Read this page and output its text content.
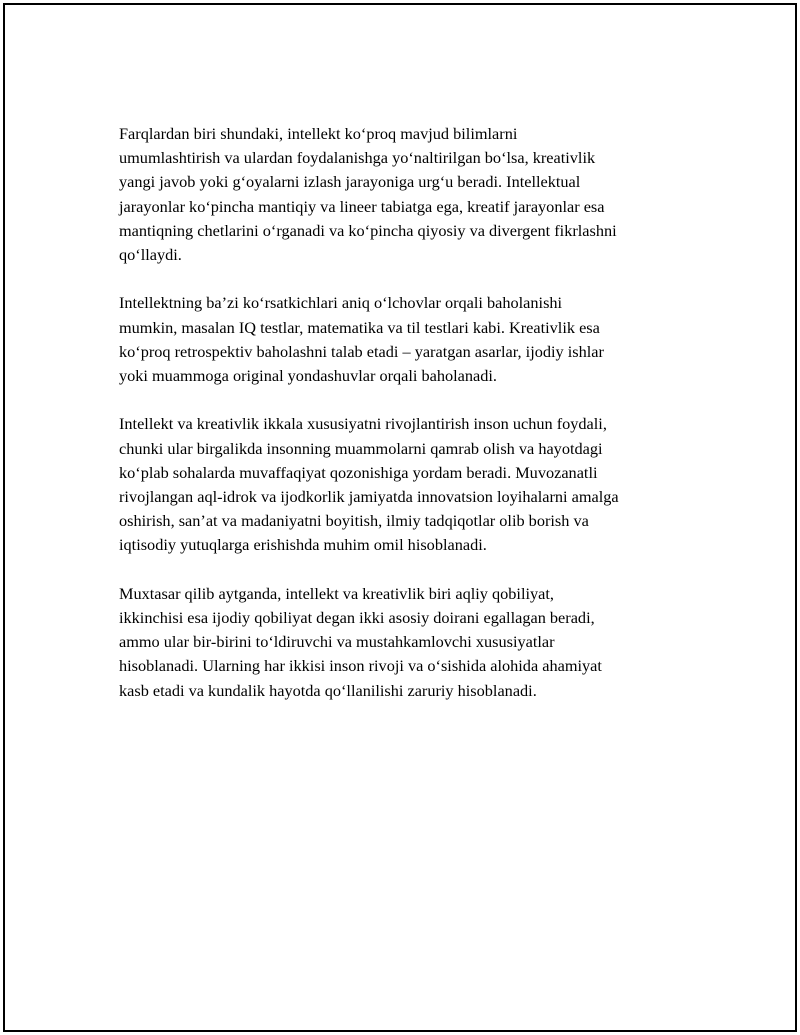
Farqlardan biri shundaki, intellekt ko‘proq mavjud bilimlarni
umumlashtirish va ulardan foydalanishga yo‘naltirilgan bo‘lsa, kreativlik
yangi javob yoki g‘oyalarni izlash jarayoniga urg‘u beradi. Intellektual
jarayonlar ko‘pincha mantiqiy va lineer tabiatga ega, kreatif jarayonlar esa
mantiqning chetlarini o‘rganadi va ko‘pincha qiyosiy va divergent fikrlashni
qo‘llaydi.

Intellektning ba’zi ko‘rsatkichlari aniq o‘lchovlar orqali baholanishi
mumkin, masalan IQ testlar, matematika va til testlari kabi. Kreativlik esa
ko‘proq retrospektiv baholashni talab etadi – yaratgan asarlar, ijodiy ishlar
yoki muammoga original yondashuvlar orqali baholanadi.

Intellekt va kreativlik ikkala xususiyatni rivojlantirish inson uchun foydali,
chunki ular birgalikda insonning muammolarni qamrab olish va hayotdagi
ko‘plab sohalarda muvaffaqiyat qozonishiga yordam beradi. Muvozanatli
rivojlangan aql-idrok va ijodkorlik jamiyatda innovatsion loyihalarni amalga
oshirish, san’at va madaniyatni boyitish, ilmiy tadqiqotlar olib borish va
iqtisodiy yutuqlarga erishishda muhim omil hisoblanadi.

Muxtasar qilib aytganda, intellekt va kreativlik biri aqliy qobiliyat,
ikkinchisi esa ijodiy qobiliyat degan ikki asosiy doirani egallagan beradi,
ammo ular bir-birini to‘ldiruvchi va mustahkamlovchi xususiyatlar
hisoblanadi. Ularning har ikkisi inson rivoji va o‘sishida alohida ahamiyat
kasb etadi va kundalik hayotda qo‘llanilishi zaruriy hisoblanadi.
